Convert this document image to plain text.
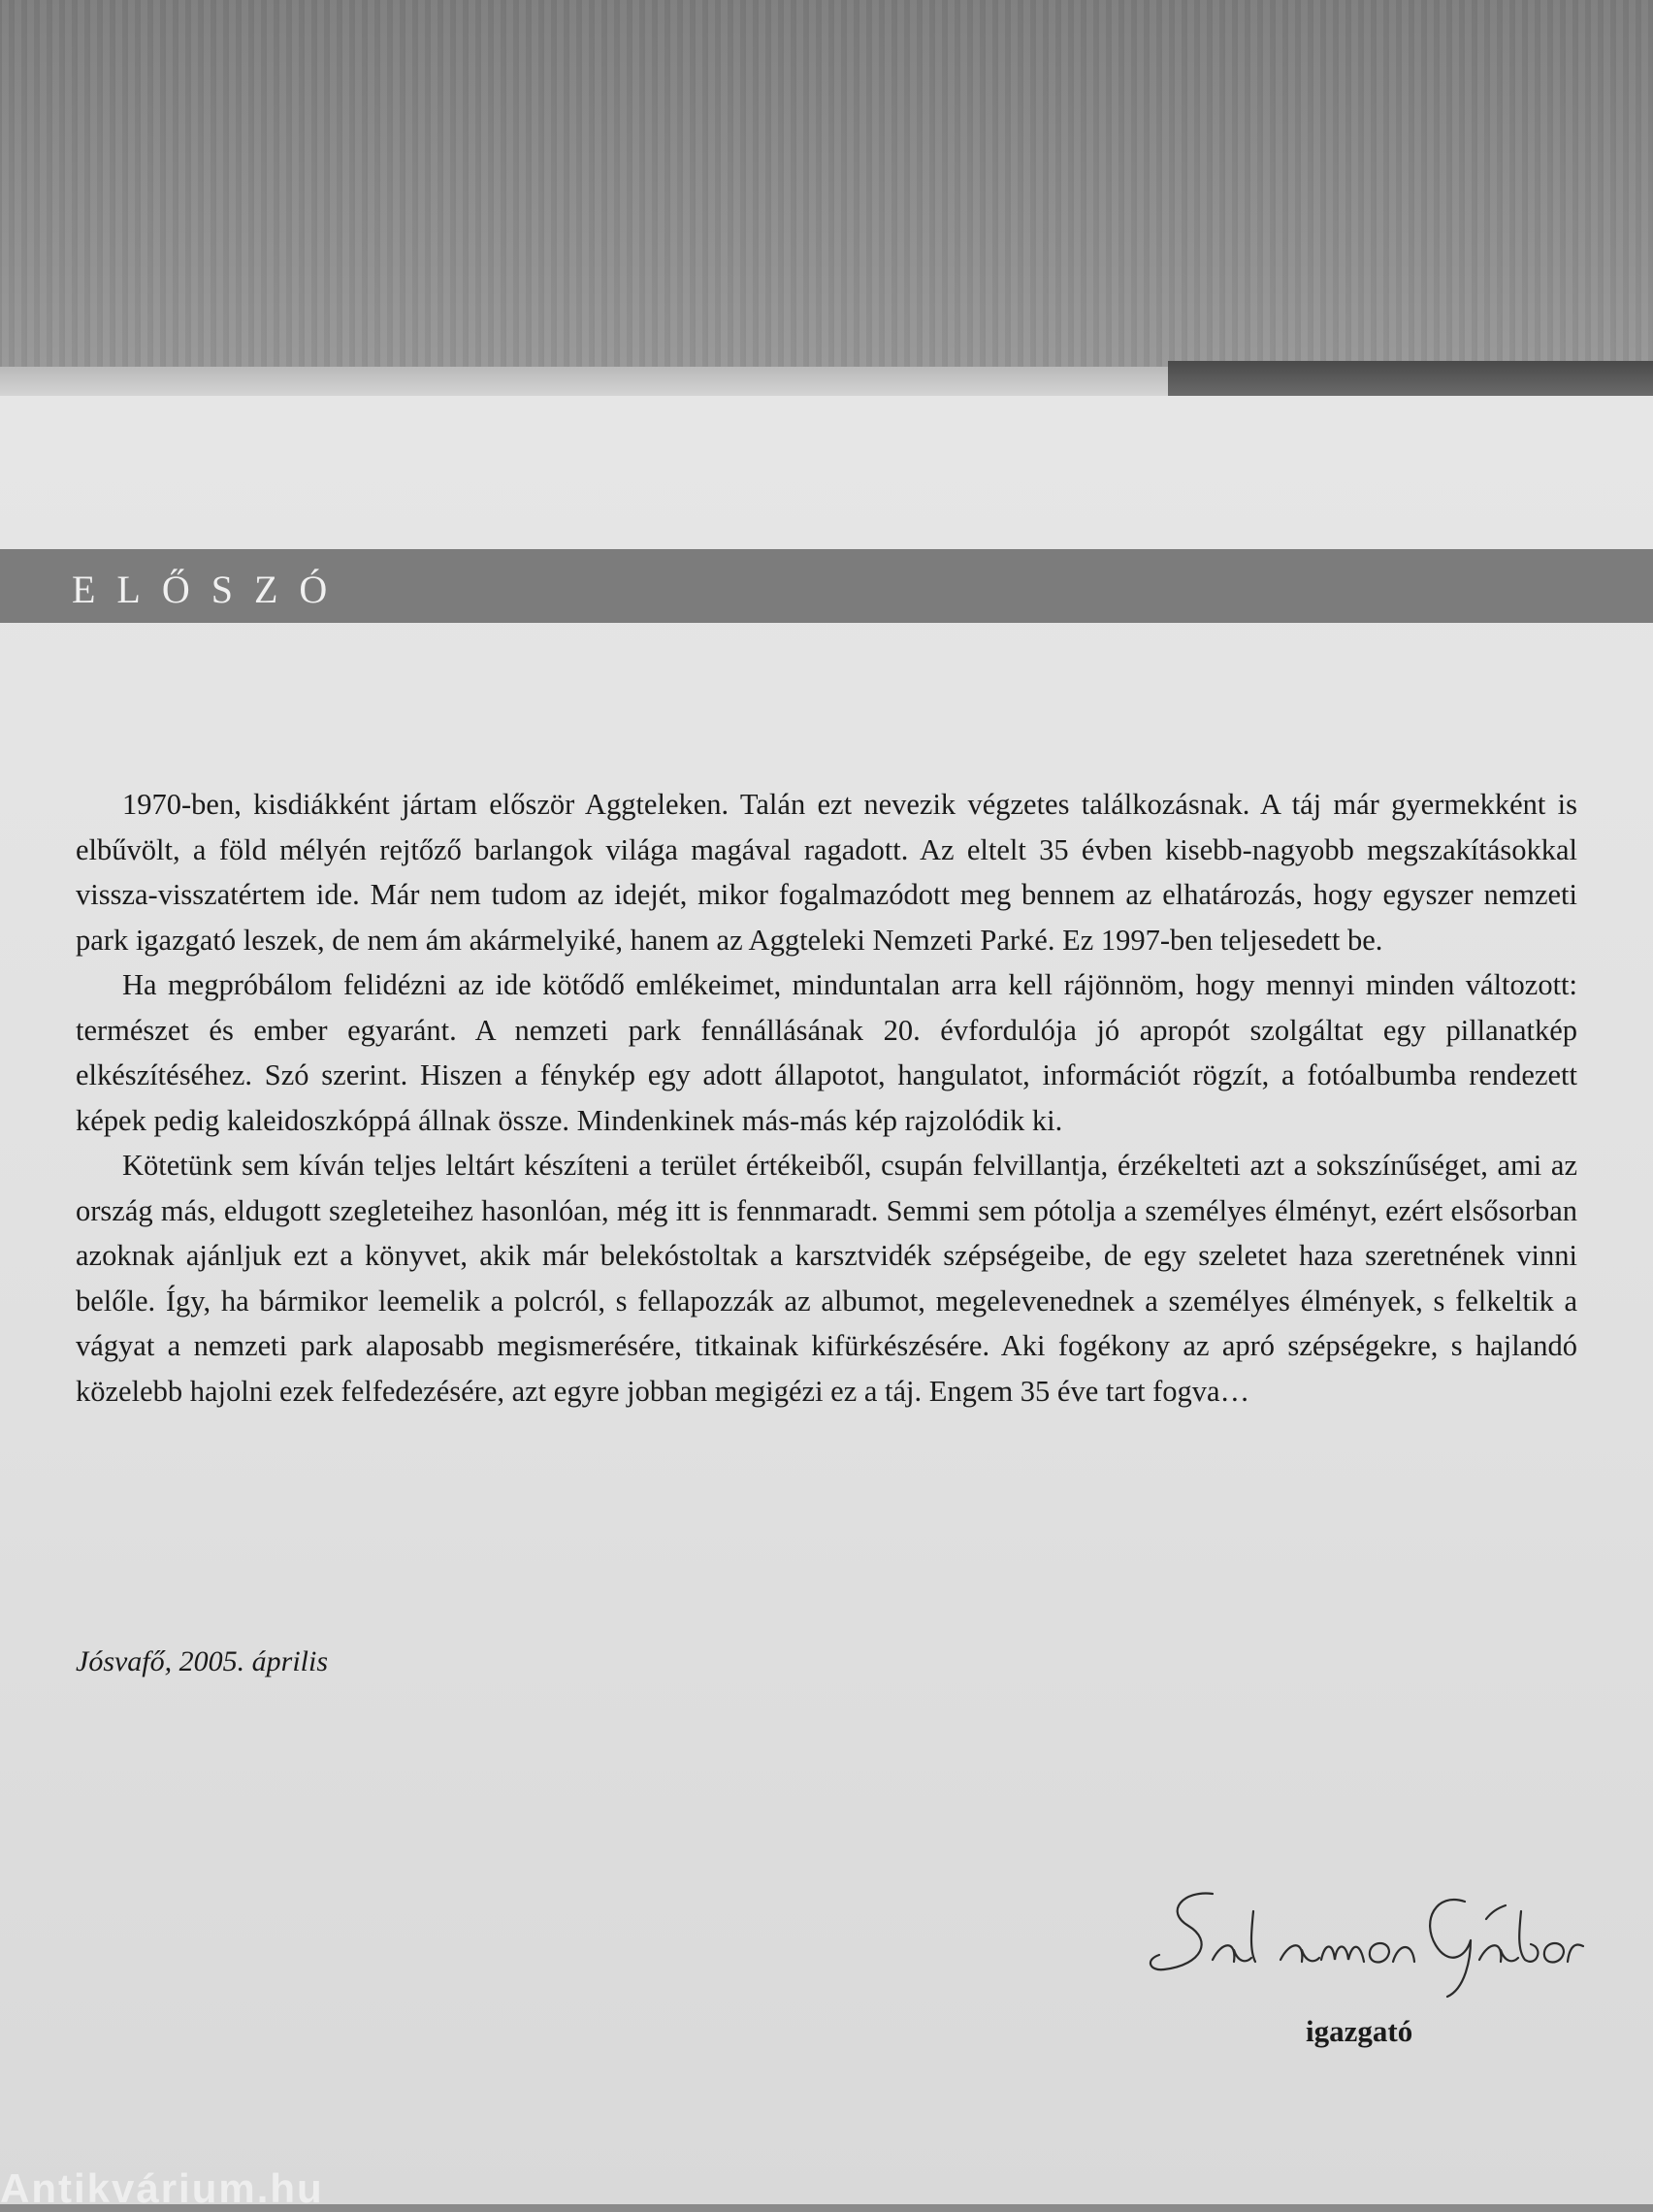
ELŐSZÓ

1970-ben, kisdiákként jártam először Aggteleken. Talán ezt nevezik végzetes találkozásnak. A táj már gyermekként is elbűvölt, a föld mélyén rejtőző barlangok világa magával ragadott. Az eltelt 35 évben kisebb-nagyobb megszakításokkal vissza-visszatértem ide. Már nem tudom az idejét, mikor fogalmazódott meg bennem az elhatározás, hogy egyszer nemzeti park igazgató leszek, de nem ám akármelyiké, hanem az Aggteleki Nemzeti Parké. Ez 1997-ben teljesedett be.

Ha megpróbálom felidézni az ide kötődő emlékeimet, minduntalan arra kell rájönnöm, hogy mennyi minden változott: természet és ember egyaránt. A nemzeti park fennállásának 20. évfordulója jó apropót szolgáltat egy pillanatkép elkészítéséhez. Szó szerint. Hiszen a fénykép egy adott állapotot, hangulatot, információt rögzít, a fotóalbumba rendezett képek pedig kaleidoszkóppá állnak össze. Mindenkinek más-más kép rajzolódik ki.

Kötetünk sem kíván teljes leltárt készíteni a terület értékeiből, csupán felvillantja, érzékelteti azt a sokszínűséget, ami az ország más, eldugott szegleteihez hasonlóan, még itt is fennmaradt. Semmi sem pótolja a személyes élményt, ezért elsősorban azoknak ajánljuk ezt a könyvet, akik már belekóstoltak a karsztvidék szépségeibe, de egy szeletet haza szeretnének vinni belőle. Így, ha bármikor leemelik a polcról, s fellapozzák az albumot, megelevenednek a személyes élmények, s felkeltik a vágyat a nemzeti park alaposabb megismerésére, titkainak kifürkészésére. Aki fogékony az apró szépségekre, s hajlandó közelebb hajolni ezek felfedezésére, azt egyre jobban megigézi ez a táj. Engem 35 éve tart fogva…

Jósvafő, 2005. április
igazgató
Antikvárium.hu
